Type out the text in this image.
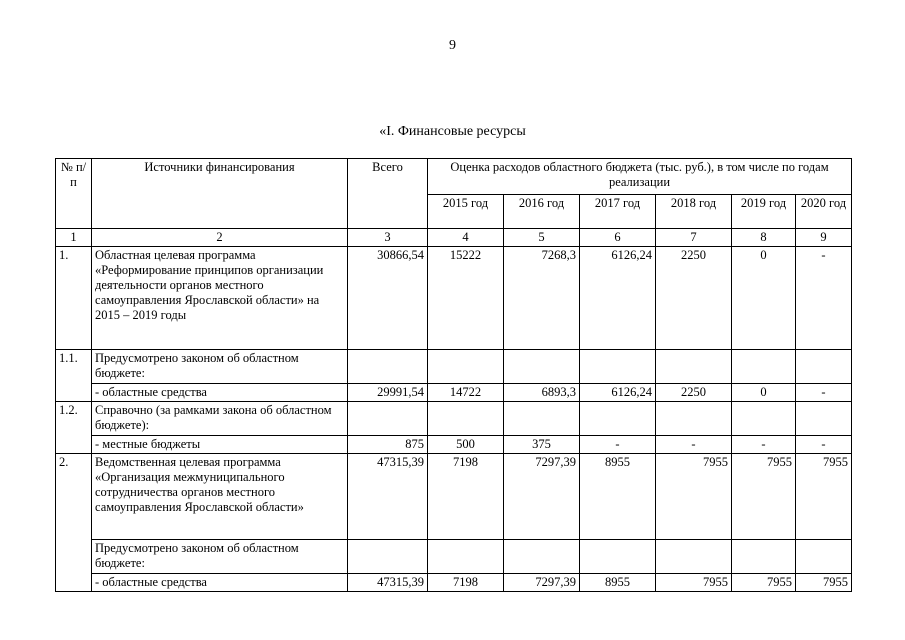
9
«I. Финансовые ресурсы
№ п/п	Источники финансирования	Всего	Оценка расходов областного бюджета (тыс. руб.), в том числе по годам реализации					
			2015 год	2016 год	2017 год	2018 год	2019 год	2020 год
1	2	3	4	5	6	7	8	9
1.	Областная целевая программа «Реформирование принципов организации деятельности органов местного самоуправления Ярославской области» на 2015 – 2019 годы	30866,54	15222	7268,3	6126,24	2250	0	-
1.1.	Предусмотрено законом об областном бюджете:							
	- областные средства	29991,54	14722	6893,3	6126,24	2250	0	-
1.2.	Справочно (за рамками закона об областном бюджете):							
	- местные бюджеты	875	500	375	-	-	-	-
2.	Ведомственная целевая программа «Организация межмуниципального сотрудничества органов местного самоуправления Ярославской области»	47315,39	7198	7297,39	8955	7955	7955	7955
	Предусмотрено законом об областном бюджете:							
	- областные средства	47315,39	7198	7297,39	8955	7955	7955	7955
